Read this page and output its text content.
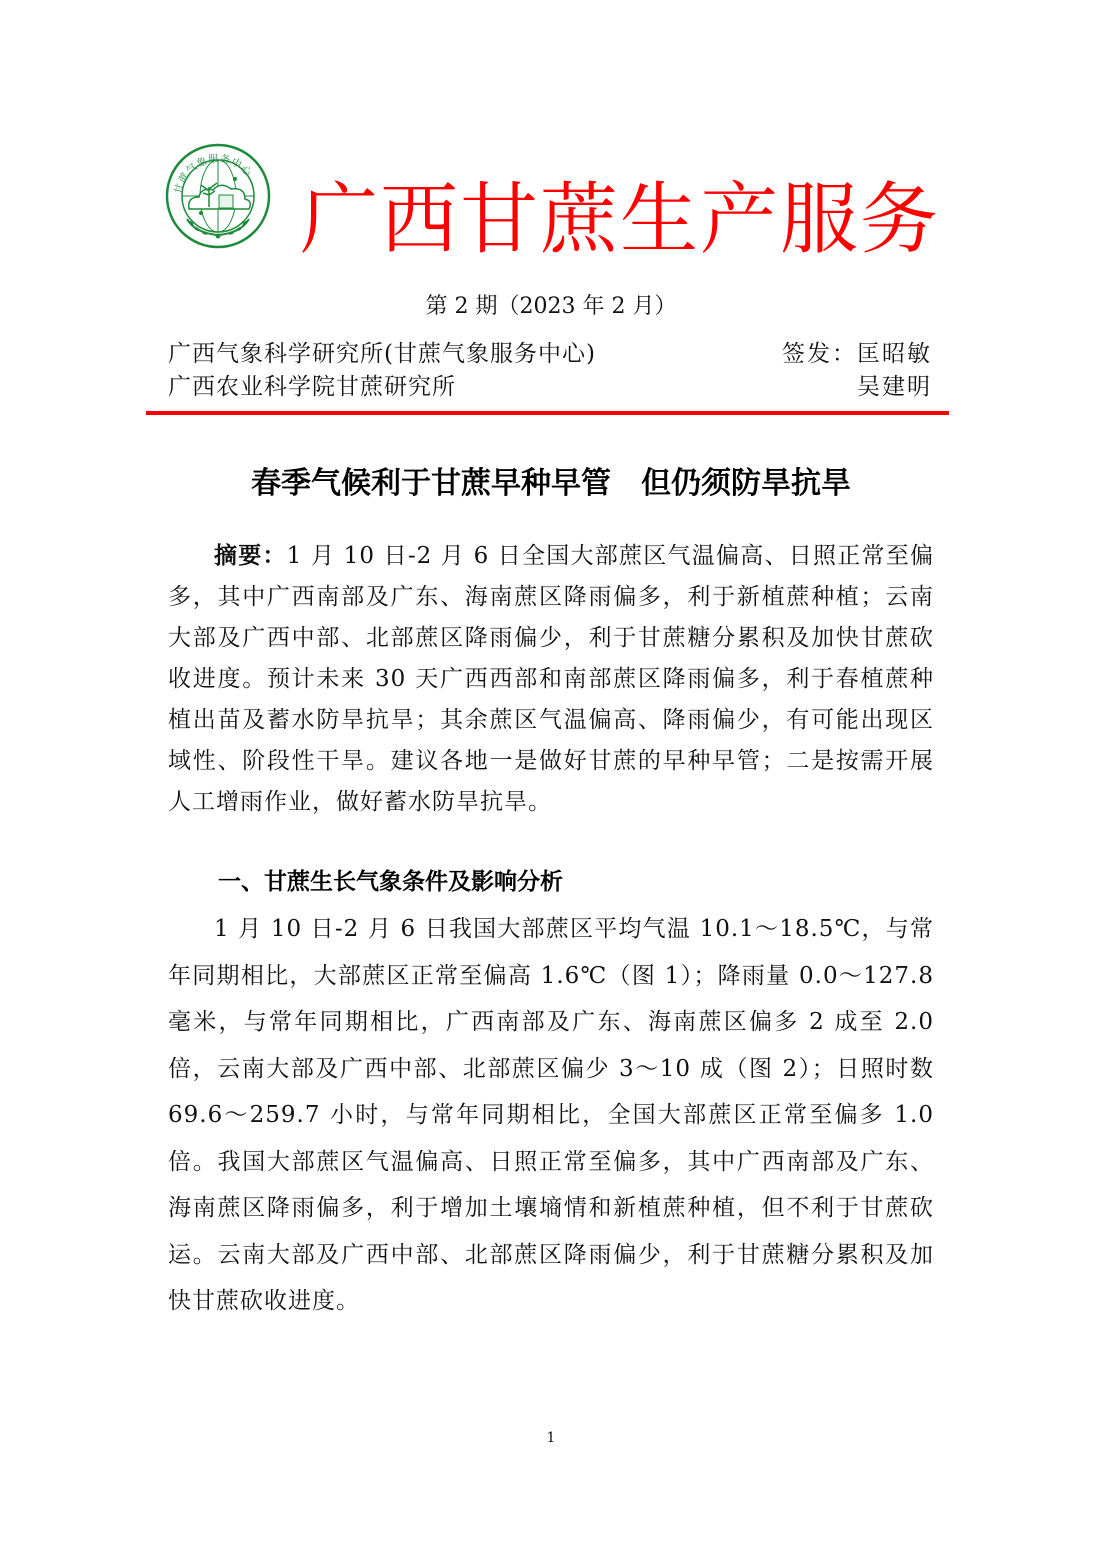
甘蔗气象服务中心
广西甘蔗生产服务
第 2 期（2023 年 2 月）
广西气象科学研究所(甘蔗气象服务中心)	签发：匡昭敏
广西农业科学院甘蔗研究所	吴建明
春季气候利于甘蔗早种早管　但仍须防旱抗旱

摘要：1 月 10 日-2 月 6 日全国大部蔗区气温偏高、日照正常至偏多，其中广西南部及广东、海南蔗区降雨偏多，利于新植蔗种植；云南大部及广西中部、北部蔗区降雨偏少，利于甘蔗糖分累积及加快甘蔗砍收进度。预计未来 30 天广西西部和南部蔗区降雨偏多，利于春植蔗种植出苗及蓄水防旱抗旱；其余蔗区气温偏高、降雨偏少，有可能出现区域性、阶段性干旱。建议各地一是做好甘蔗的早种早管；二是按需开展人工增雨作业，做好蓄水防旱抗旱。

一、甘蔗生长气象条件及影响分析

1 月 10 日-2 月 6 日我国大部蔗区平均气温 10.1～18.5℃，与常年同期相比，大部蔗区正常至偏高 1.6℃（图 1）；降雨量 0.0～127.8 毫米，与常年同期相比，广西南部及广东、海南蔗区偏多 2 成至 2.0 倍，云南大部及广西中部、北部蔗区偏少 3～10 成（图 2）；日照时数 69.6～259.7 小时，与常年同期相比，全国大部蔗区正常至偏多 1.0 倍。我国大部蔗区气温偏高、日照正常至偏多，其中广西南部及广东、海南蔗区降雨偏多，利于增加土壤墒情和新植蔗种植，但不利于甘蔗砍运。云南大部及广西中部、北部蔗区降雨偏少，利于甘蔗糖分累积及加快甘蔗砍收进度。

1
